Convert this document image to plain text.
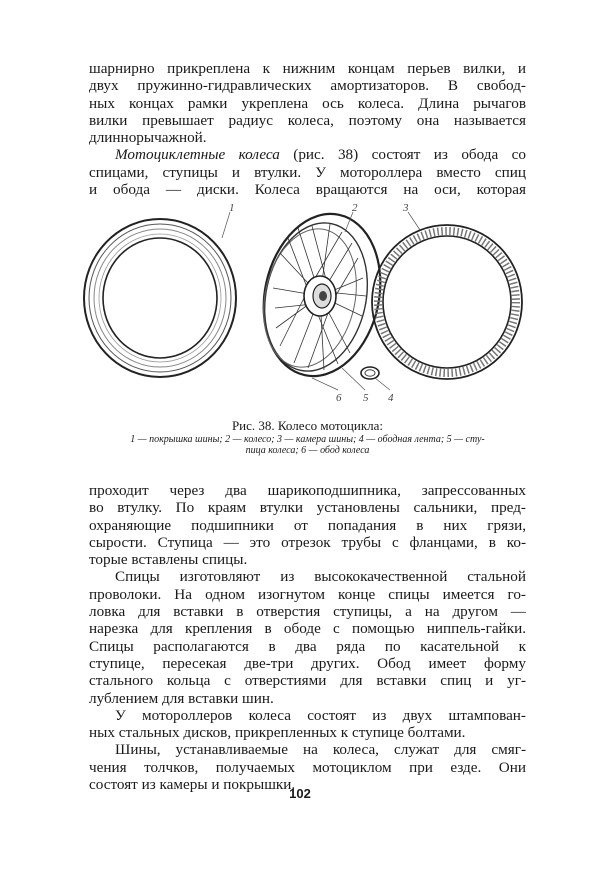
шарнирно прикреплена к нижним концам перьев вилки, и
двух пружинно-гидравлических амортизаторов. В свобод-
ных концах рамки укреплена ось колеса. Длина рычагов
вилки превышает радиус колеса, поэтому она называется
длиннорычажной.

Мотоциклетные колеса (рис. 38) состоят из обода со
спицами, ступицы и втулки. У мотороллера вместо спиц
и обода — диски. Колеса вращаются на оси, которая

1	2	3
4
5
6
Рис. 38. Колесо мотоцикла:
1 — покрышка шины; 2 — колесо; 3 — камера шины; 4 — ободная лента; 5 — сту-
пица колеса; 6 — обод колеса

проходит через два шарикоподшипника, запрессованных
во втулку. По краям втулки установлены сальники, пред-
охраняющие подшипники от попадания в них грязи,
сырости. Ступица — это отрезок трубы с фланцами, в ко-
торые вставлены спицы.

Спицы изготовляют из высококачественной стальной
проволоки. На одном изогнутом конце спицы имеется го-
ловка для вставки в отверстия ступицы, а на другом —
нарезка для крепления в ободе с помощью ниппель-гайки.
Спицы располагаются в два ряда по касательной к
ступице, пересекая две-три других. Обод имеет форму
стального кольца с отверстиями для вставки спиц и уг-
лублением для вставки шин.

У мотороллеров колеса состоят из двух штампован-
ных стальных дисков, прикрепленных к ступице болтами.

Шины, устанавливаемые на колеса, служат для смяг-
чения толчков, получаемых мотоциклом при езде. Они
состоят из камеры и покрышки.

102
